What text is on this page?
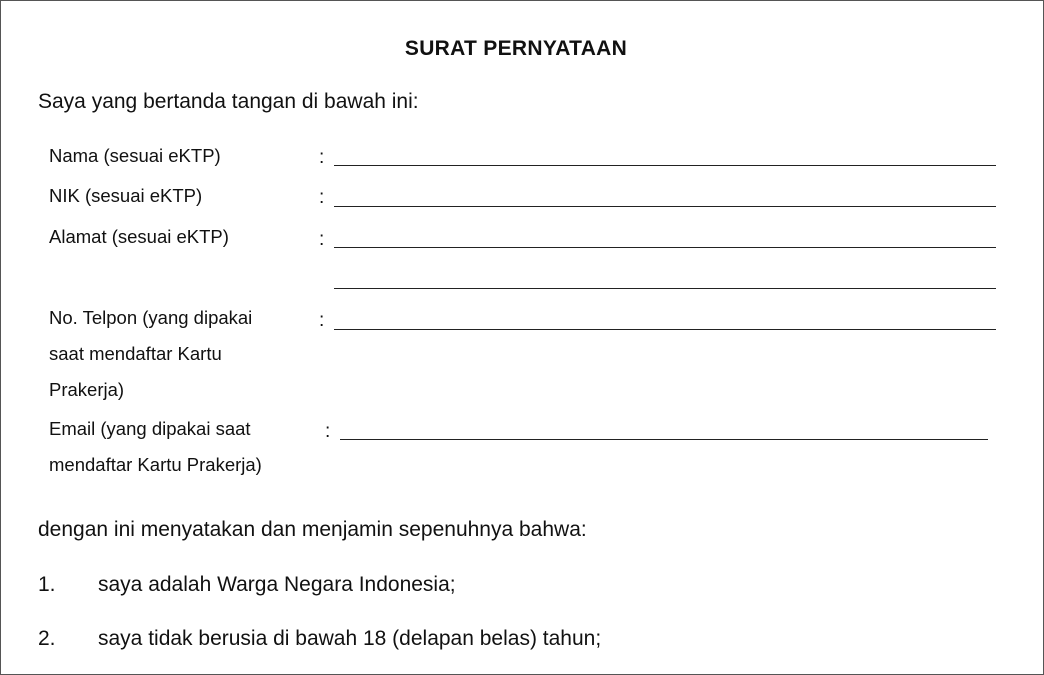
SURAT PERNYATAAN
Saya yang bertanda tangan di bawah ini:
Nama (sesuai eKTP)	:
NIK (sesuai eKTP)	:
Alamat (sesuai eKTP)	:
No. Telpon (yang dipakai
saat mendaftar Kartu
Prakerja)
:
Email (yang dipakai saat
mendaftar Kartu Prakerja)
:
dengan ini menyatakan dan menjamin sepenuhnya bahwa:
1. saya adalah Warga Negara Indonesia;
2. saya tidak berusia di bawah 18 (delapan belas) tahun;
